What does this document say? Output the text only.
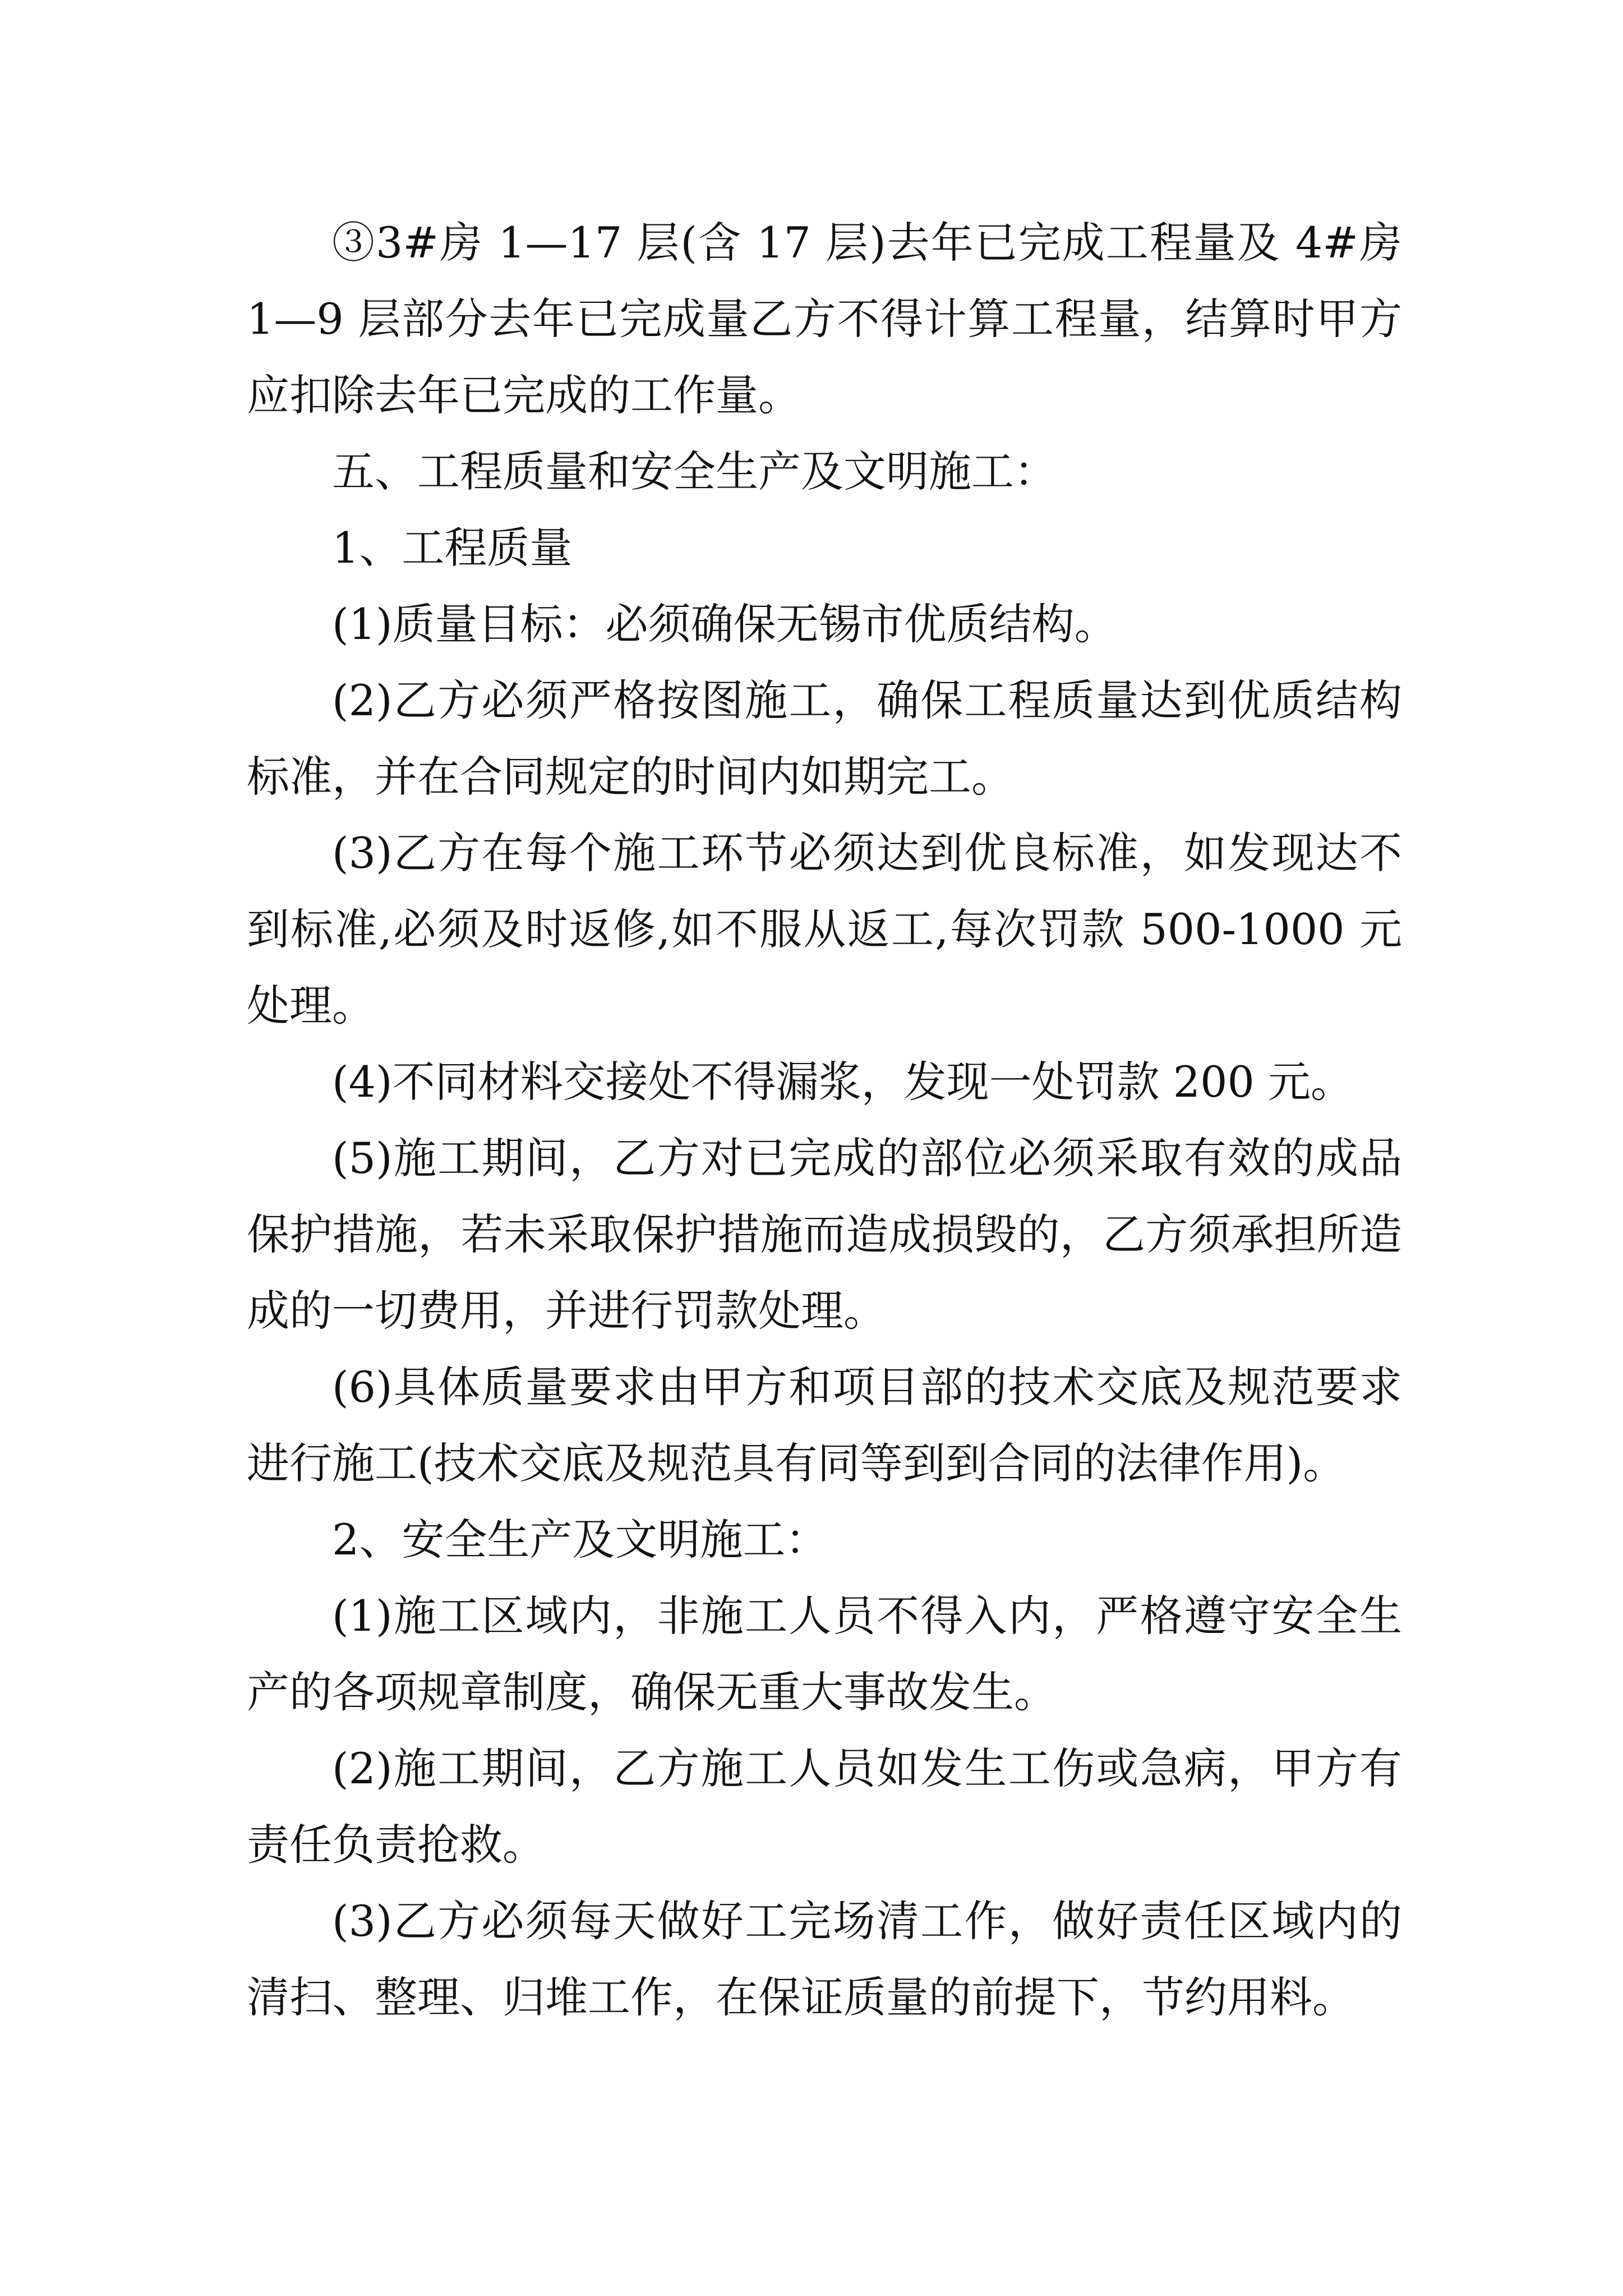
③3#房 1—17 层(含 17 层)去年已完成工程量及 4#房 1—9 层部分去年已完成量乙方不得计算工程量，结算时甲方应扣除去年已完成的工作量。

五、工程质量和安全生产及文明施工：

1、工程质量

(1)质量目标：必须确保无锡市优质结构。

(2)乙方必须严格按图施工，确保工程质量达到优质结构标准，并在合同规定的时间内如期完工。

(3)乙方在每个施工环节必须达到优良标准，如发现达不到标准,必须及时返修,如不服从返工,每次罚款 500-1000 元处理。

(4)不同材料交接处不得漏浆，发现一处罚款 200 元。

(5)施工期间，乙方对已完成的部位必须采取有效的成品保护措施，若未采取保护措施而造成损毁的，乙方须承担所造成的一切费用，并进行罚款处理。

(6)具体质量要求由甲方和项目部的技术交底及规范要求进行施工(技术交底及规范具有同等到到合同的法律作用)。

2、安全生产及文明施工：

(1)施工区域内，非施工人员不得入内，严格遵守安全生产的各项规章制度，确保无重大事故发生。

(2)施工期间，乙方施工人员如发生工伤或急病，甲方有责任负责抢救。

(3)乙方必须每天做好工完场清工作，做好责任区域内的清扫、整理、归堆工作，在保证质量的前提下，节约用料。
